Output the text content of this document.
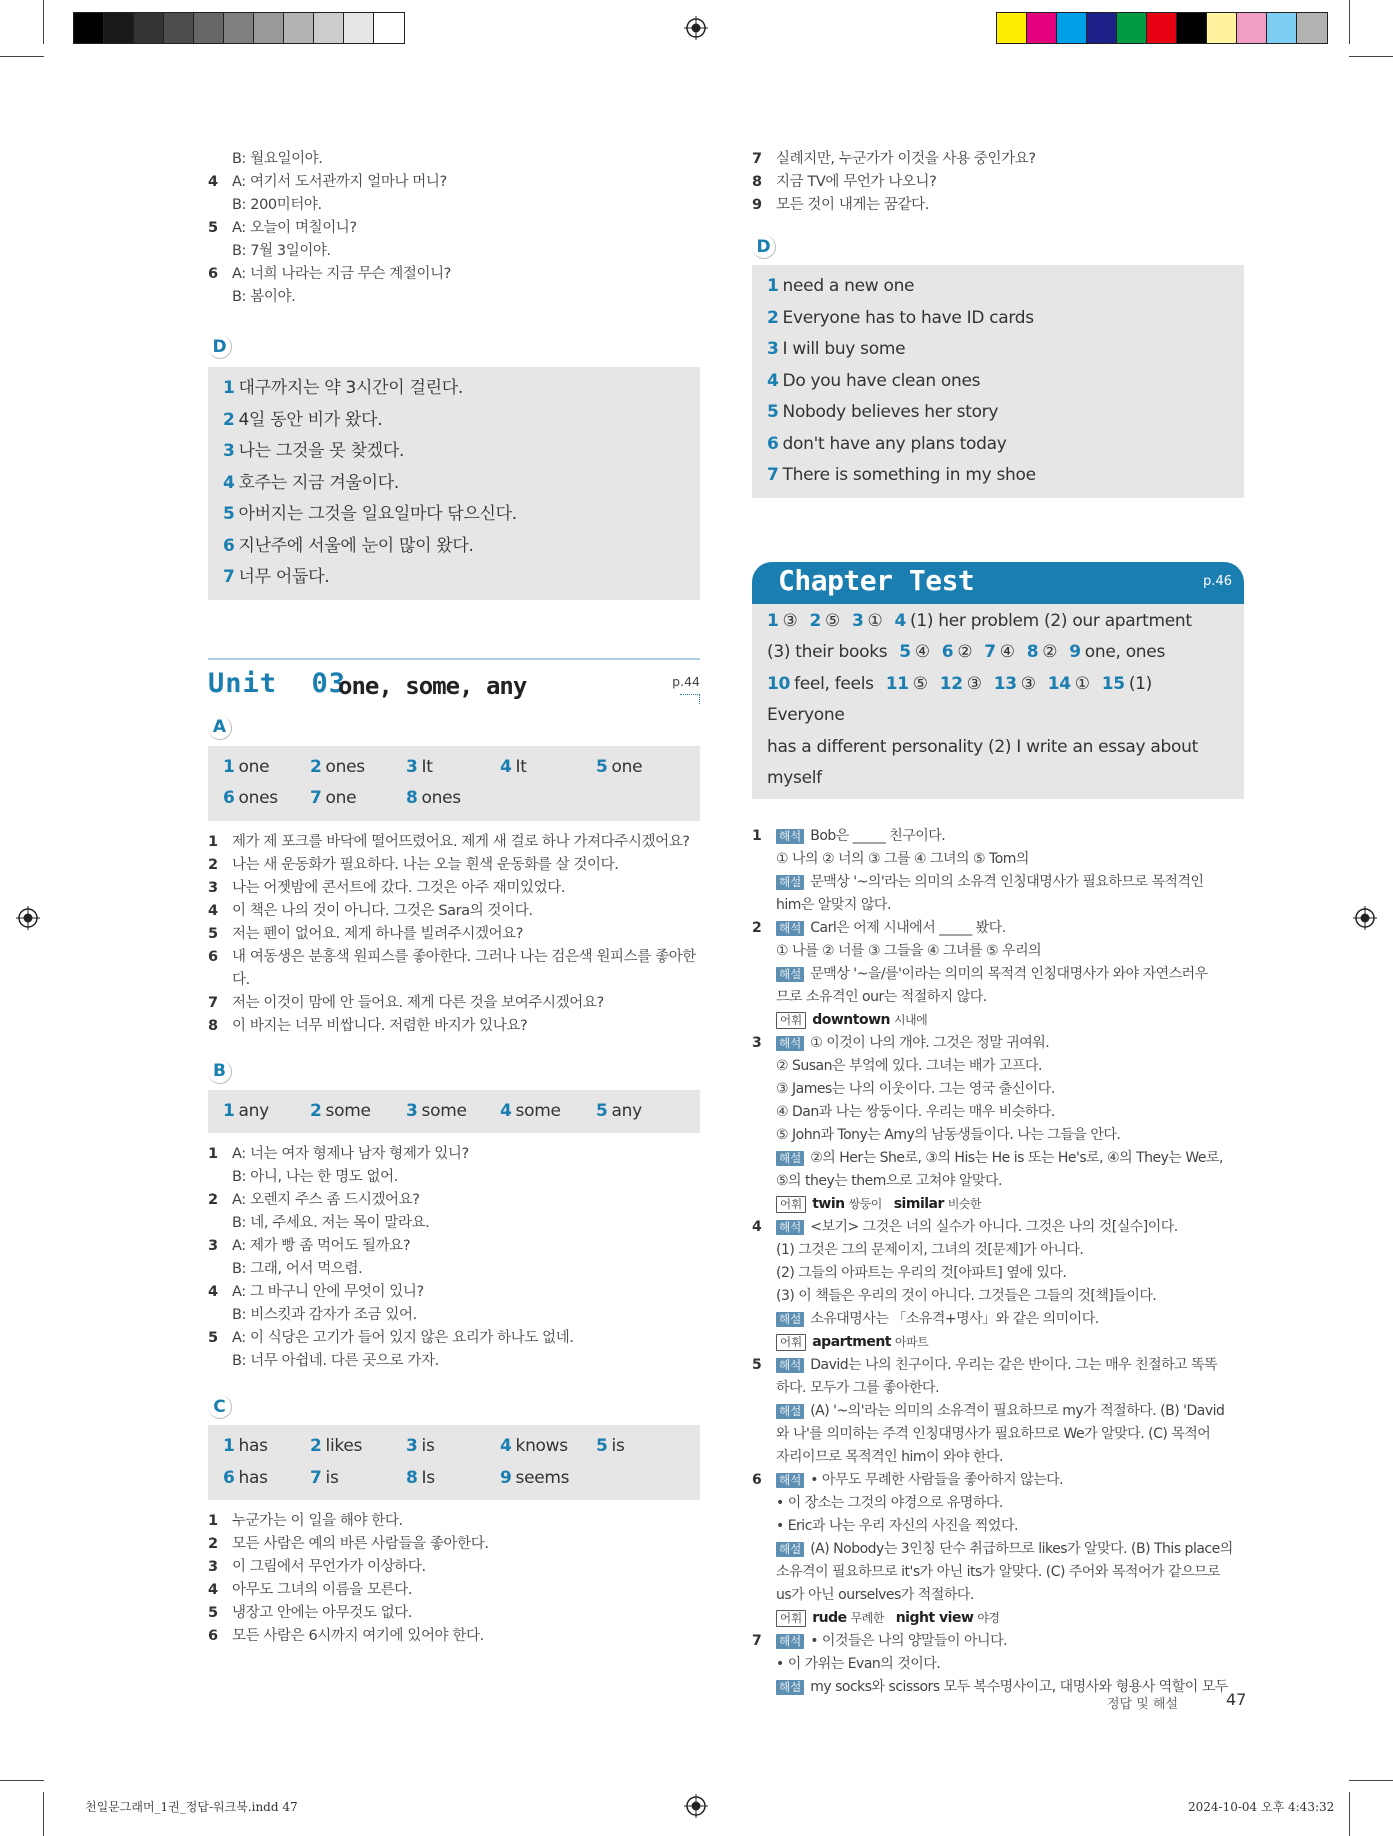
B: 월요일이야.
4 A: 여기서 도서관까지 얼마나 머니?
B: 200미터야.
5 A: 오늘이 며칠이니?
B: 7월 3일이야.
6 A: 너희 나라는 지금 무슨 계절이니?
B: 봄이야.
D
1 대구까지는 약 3시간이 걸린다.
2 4일 동안 비가 왔다.
3 나는 그것을 못 찾겠다.
4 호주는 지금 겨울이다.
5 아버지는 그것을 일요일마다 닦으신다.
6 지난주에 서울에 눈이 많이 왔다.
7 너무 어둡다.
Unit 03
one, some, any	p.44
A
1 one	2 ones	3 It	4 It	5 one
6 ones	7 one	8 ones
1 제가 제 포크를 바닥에 떨어뜨렸어요. 제게 새 걸로 하나 가져다주시겠어요?
2 나는 새 운동화가 필요하다. 나는 오늘 흰색 운동화를 살 것이다.
3 나는 어젯밤에 콘서트에 갔다. 그것은 아주 재미있었다.
4 이 책은 나의 것이 아니다. 그것은 Sara의 것이다.
5 저는 펜이 없어요. 제게 하나를 빌려주시겠어요?
6 내 여동생은 분홍색 원피스를 좋아한다. 그러나 나는 검은색 원피스를 좋아한다.
7 저는 이것이 맘에 안 들어요. 제게 다른 것을 보여주시겠어요?
8 이 바지는 너무 비쌉니다. 저렴한 바지가 있나요?
B
1 any	2 some	3 some	4 some	5 any
1 A: 너는 여자 형제나 남자 형제가 있니?
B: 아니, 나는 한 명도 없어.
2 A: 오렌지 주스 좀 드시겠어요?
B: 네, 주세요. 저는 목이 말라요.
3 A: 제가 빵 좀 먹어도 될까요?
B: 그래, 어서 먹으렴.
4 A: 그 바구니 안에 무엇이 있니?
B: 비스킷과 감자가 조금 있어.
5 A: 이 식당은 고기가 들어 있지 않은 요리가 하나도 없네.
B: 너무 아쉽네. 다른 곳으로 가자.
C
1 has	2 likes	3 is	4 knows	5 is
6 has	7 is	8 Is	9 seems
1 누군가는 이 일을 해야 한다.
2 모든 사람은 예의 바른 사람들을 좋아한다.
3 이 그림에서 무언가가 이상하다.
4 아무도 그녀의 이름을 모른다.
5 냉장고 안에는 아무것도 없다.
6 모든 사람은 6시까지 여기에 있어야 한다.
7 실례지만, 누군가가 이것을 사용 중인가요?
8 지금 TV에 무언가 나오니?
9 모든 것이 내게는 꿈같다.
D
1 need a new one
2 Everyone has to have ID cards
3 I will buy some
4 Do you have clean ones
5 Nobody believes her story
6 don't have any plans today
7 There is something in my shoe
Chapter Test	p.46
1 ③ 2 ⑤ 3 ① 4 (1) her problem (2) our apartment
(3) their books 5 ④ 6 ② 7 ④ 8 ② 9 one, ones
10 feel, feels 11 ⑤ 12 ③ 13 ③ 14 ① 15 (1) Everyone
has a different personality (2) I write an essay about myself
1	해석 Bob은 _____ 친구이다.
① 나의 ② 너의 ③ 그를 ④ 그녀의 ⑤ Tom의
해설 문맥상 '~의'라는 의미의 소유격 인칭대명사가 필요하므로 목적격인
him은 알맞지 않다.
2	해석 Carl은 어제 시내에서 _____ 봤다.
① 나를 ② 너를 ③ 그들을 ④ 그녀를 ⑤ 우리의
해설 문맥상 '~을/를'이라는 의미의 목적격 인칭대명사가 와야 자연스러우
므로 소유격인 our는 적절하지 않다.
어휘 downtown 시내에
3	해석 ① 이것이 나의 개야. 그것은 정말 귀여워.
② Susan은 부엌에 있다. 그녀는 배가 고프다.
③ James는 나의 이웃이다. 그는 영국 출신이다.
④ Dan과 나는 쌍둥이다. 우리는 매우 비슷하다.
⑤ John과 Tony는 Amy의 남동생들이다. 나는 그들을 안다.
해설 ②의 Her는 She로, ③의 His는 He is 또는 He's로, ④의 They는 We로,
⑤의 they는 them으로 고쳐야 알맞다.
어휘 twin 쌍둥이 similar 비슷한
4	해석 <보기> 그것은 너의 실수가 아니다. 그것은 나의 것[실수]이다.
(1) 그것은 그의 문제이지, 그녀의 것[문제]가 아니다.
(2) 그들의 아파트는 우리의 것[아파트] 옆에 있다.
(3) 이 책들은 우리의 것이 아니다. 그것들은 그들의 것[책]들이다.
해설 소유대명사는 「소유격+명사」와 같은 의미이다.
어휘 apartment 아파트
5	해석 David는 나의 친구이다. 우리는 같은 반이다. 그는 매우 친절하고 똑똑
하다. 모두가 그를 좋아한다.
해설 (A) '~의'라는 의미의 소유격이 필요하므로 my가 적절하다. (B) 'David
와 나'를 의미하는 주격 인칭대명사가 필요하므로 We가 알맞다. (C) 목적어
자리이므로 목적격인 him이 와야 한다.
6	해석 • 아무도 무례한 사람들을 좋아하지 않는다.
• 이 장소는 그것의 야경으로 유명하다.
• Eric과 나는 우리 자신의 사진을 찍었다.
해설 (A) Nobody는 3인칭 단수 취급하므로 likes가 알맞다. (B) This place의
소유격이 필요하므로 it's가 아닌 its가 알맞다. (C) 주어와 목적어가 같으므로
us가 아닌 ourselves가 적절하다.
어휘 rude 무례한 night view 야경
7	해석 • 이것들은 나의 양말들이 아니다.
• 이 가위는 Evan의 것이다.
해설 my socks와 scissors 모두 복수명사이고, 대명사와 형용사 역할이 모두
정답 및 해설	47
천일문그래머_1권_정답-워크북.indd 47	2024-10-04 오후 4:43:32
